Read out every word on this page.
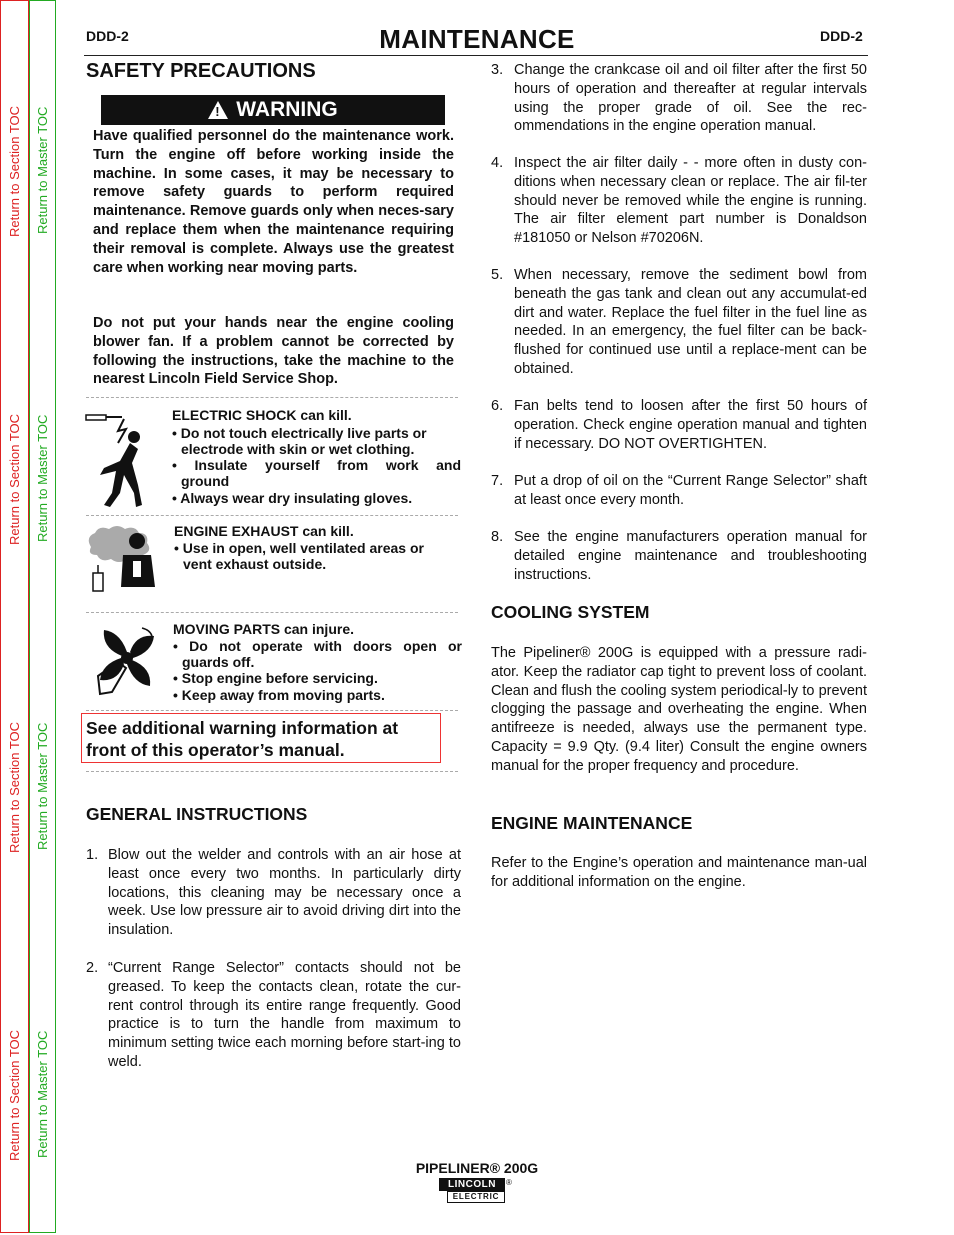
Return to Section TOC
Return to Section TOC
Return to Section TOC
Return to Section TOC
Return to Master TOC
Return to Master TOC
Return to Master TOC
Return to Master TOC
DDD-2	MAINTENANCE	DDD-2
SAFETY PRECAUTIONS
! WARNING
Have qualified personnel do the maintenance work. Turn the engine off before working inside the machine. In some cases, it may be necessary to remove safety guards to perform required maintenance. Remove guards only when neces-sary and replace them when the maintenance requiring their removal is complete. Always use the greatest care when working near moving parts.
Do not put your hands near the engine cooling blower fan. If a problem cannot be corrected by following the instructions, take the machine to the nearest Lincoln Field Service Shop.
ELECTRIC SHOCK can kill.
• Do not touch electrically live parts or
electrode with skin or wet clothing.
• Insulate yourself from work and
ground
• Always wear dry insulating gloves.
ENGINE EXHAUST can kill.
• Use in open, well ventilated areas or
vent exhaust outside.
MOVING PARTS can injure.
• Do not operate with doors open or
guards off.
• Stop engine before servicing.
• Keep away from moving parts.
See additional warning information at front of this operator’s manual.
GENERAL INSTRUCTIONS
1. Blow out the welder and controls with an air hose at least once every two months. In particularly dirty locations, this cleaning may be necessary once a week. Use low pressure air to avoid driving dirt into the insulation.
2. “Current Range Selector” contacts should not be greased. To keep the contacts clean, rotate the cur-rent control through its entire range frequently. Good practice is to turn the handle from maximum to minimum setting twice each morning before start-ing to weld.
3. Change the crankcase oil and oil filter after the first 50 hours of operation and thereafter at regular intervals using the proper grade of oil. See the rec-ommendations in the engine operation manual.
4. Inspect the air filter daily - - more often in dusty con-ditions when necessary clean or replace. The air fil-ter should never be removed while the engine is running. The air filter element part number is Donaldson #181050 or Nelson #70206N.
5. When necessary, remove the sediment bowl from beneath the gas tank and clean out any accumulat-ed dirt and water. Replace the fuel filter in the fuel line as needed. In an emergency, the fuel filter can be back-flushed for continued use until a replace-ment can be obtained.
6. Fan belts tend to loosen after the first 50 hours of operation. Check engine operation manual and tighten if necessary. DO NOT OVERTIGHTEN.
7. Put a drop of oil on the “Current Range Selector” shaft at least once every month.
8. See the engine manufacturers operation manual for detailed engine maintenance and troubleshooting instructions.
COOLING SYSTEM
The Pipeliner® 200G is equipped with a pressure radi-ator. Keep the radiator cap tight to prevent loss of coolant. Clean and flush the cooling system periodical-ly to prevent clogging the passage and overheating the engine. When antifreeze is needed, always use the permanent type. Capacity = 9.9 Qty. (9.4 liter) Consult the engine owners manual for the proper frequency and procedure.
ENGINE MAINTENANCE
Refer to the Engine’s operation and maintenance man-ual for additional information on the engine.
PIPELINER® 200G
LINCOLN
ELECTRIC
®
